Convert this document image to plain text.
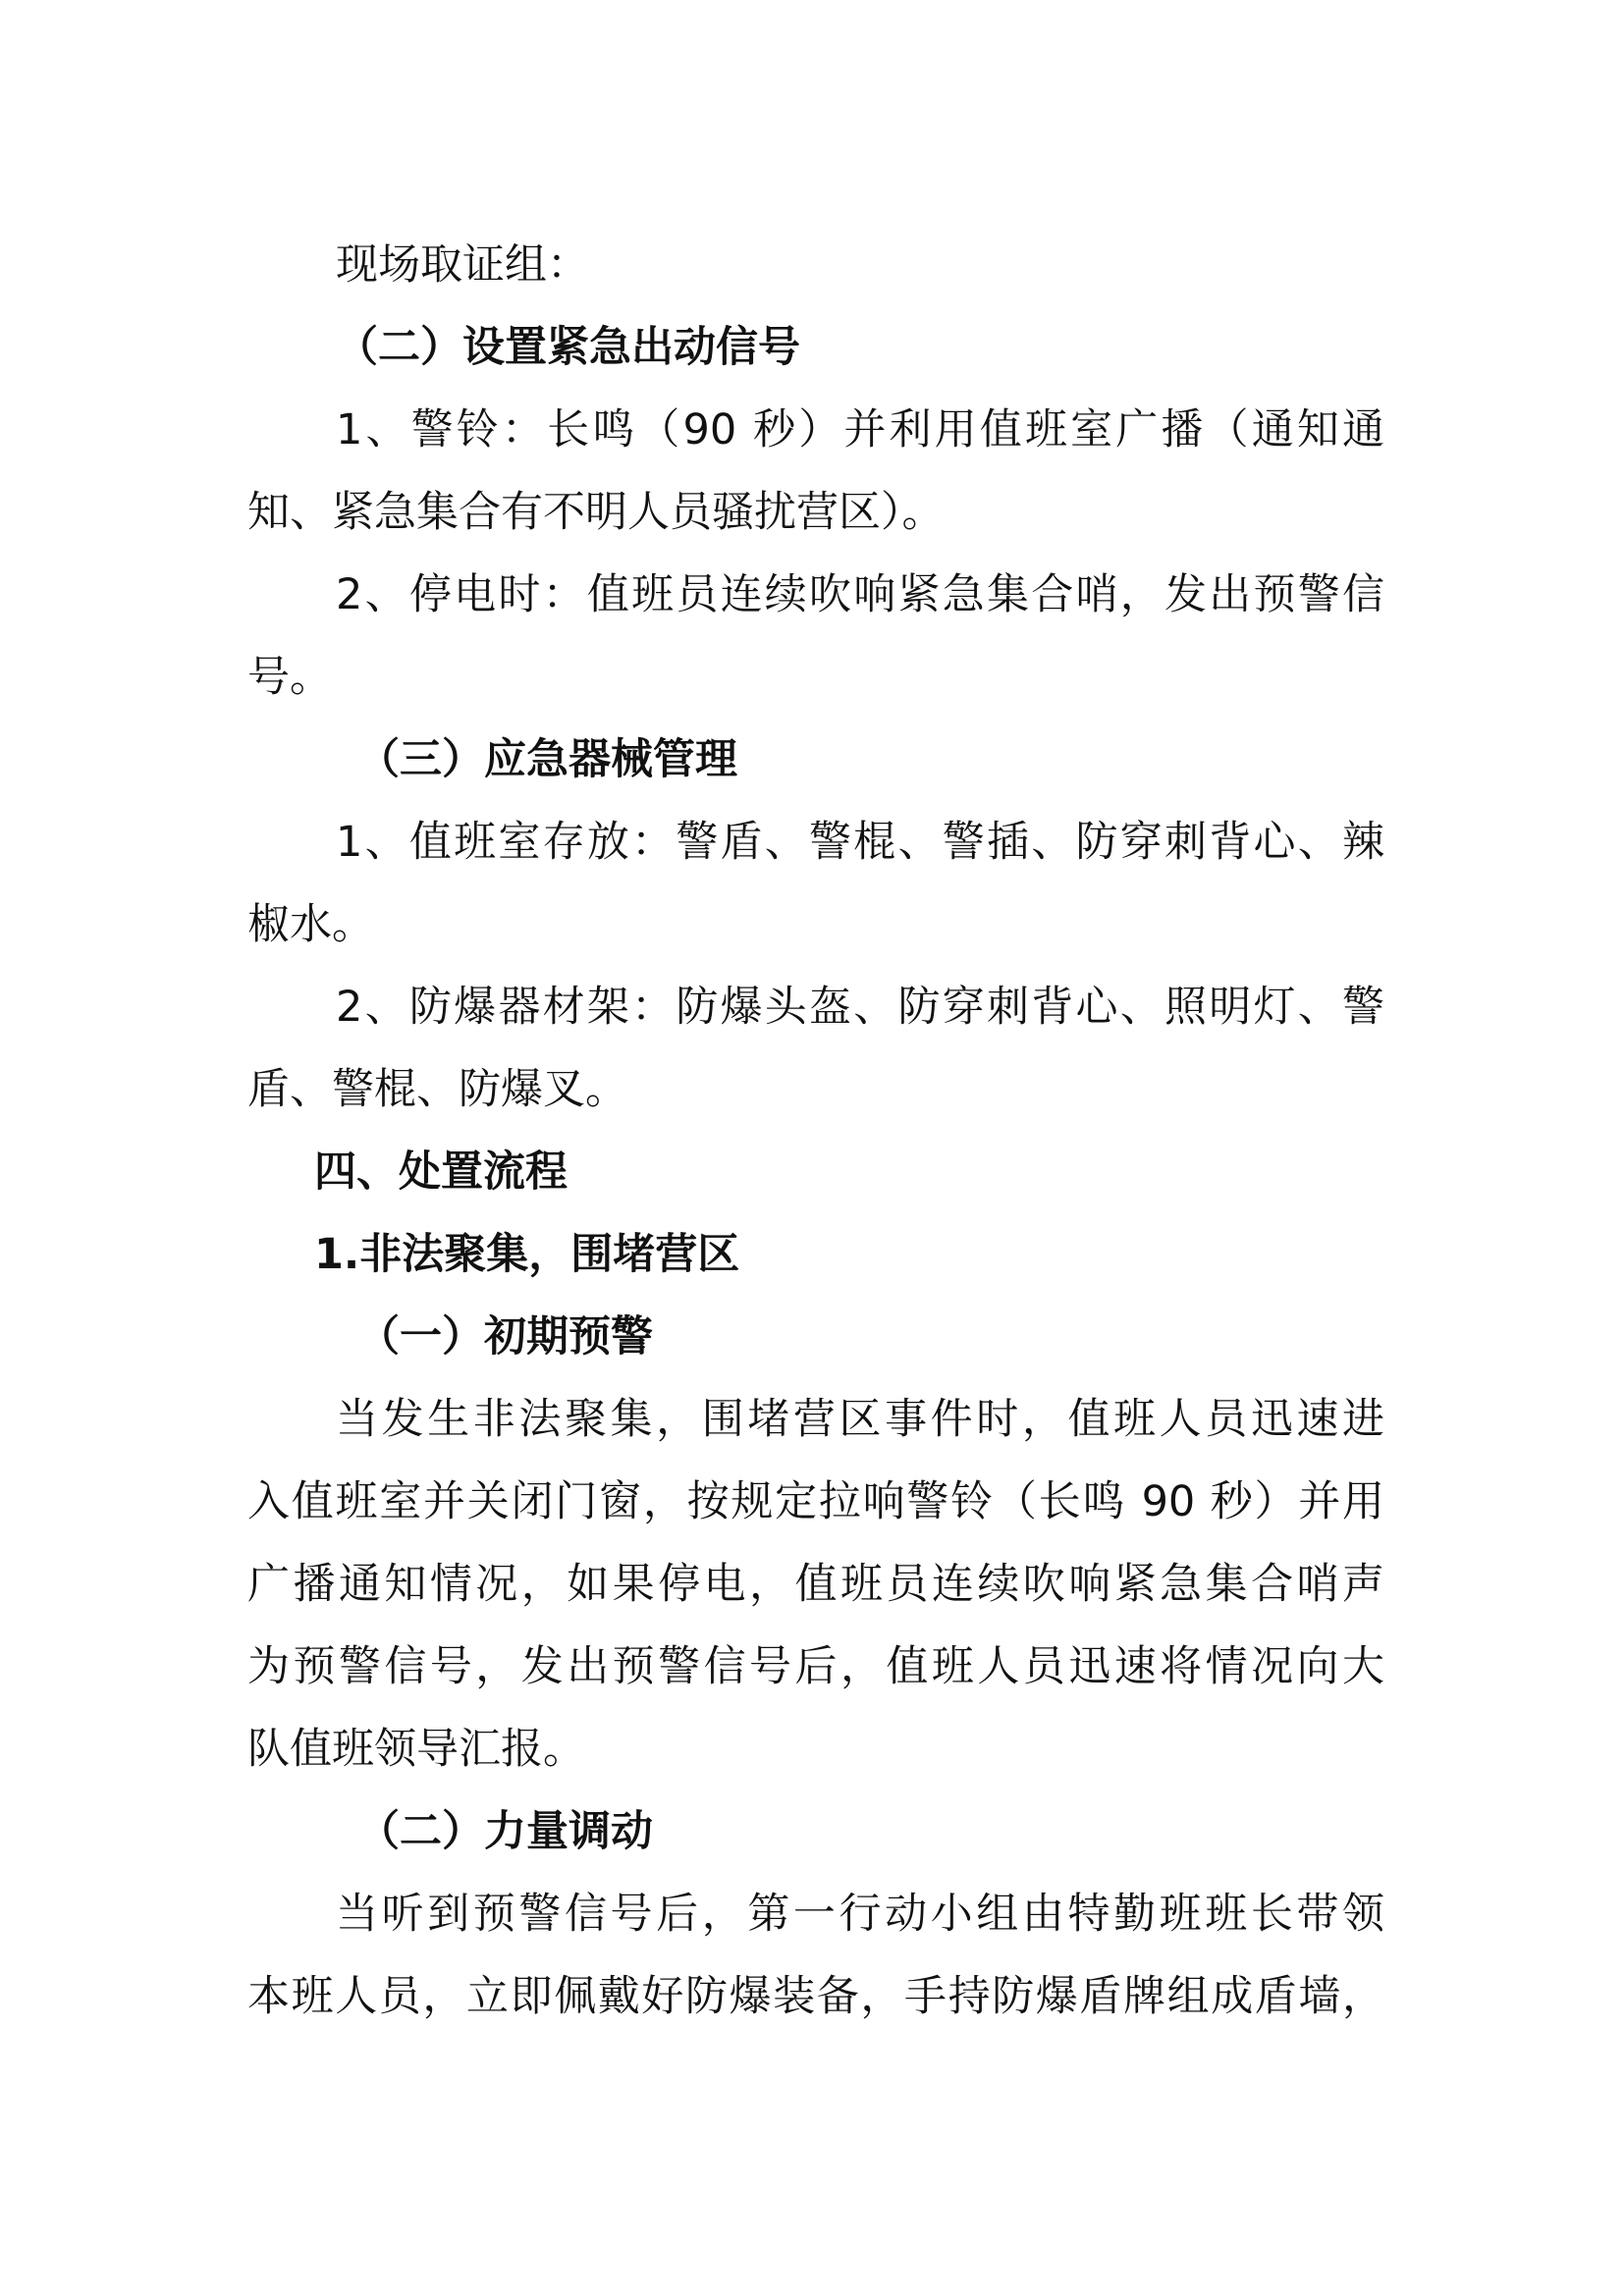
现场取证组：
（二）设置紧急出动信号
1、警铃：长鸣（90 秒）并利用值班室广播（通知通
知、紧急集合有不明人员骚扰营区）。
2、停电时：值班员连续吹响紧急集合哨，发出预警信
号。
（三）应急器械管理
1、值班室存放：警盾、警棍、警插、防穿刺背心、辣
椒水。
2、防爆器材架：防爆头盔、防穿刺背心、照明灯、警
盾、警棍、防爆叉。
四、处置流程
1.非法聚集，围堵营区
（一）初期预警
当发生非法聚集，围堵营区事件时，值班人员迅速进
入值班室并关闭门窗，按规定拉响警铃（长鸣 90 秒）并用
广播通知情况，如果停电，值班员连续吹响紧急集合哨声
为预警信号，发出预警信号后，值班人员迅速将情况向大
队值班领导汇报。
（二）力量调动
当听到预警信号后，第一行动小组由特勤班班长带领
本班人员，立即佩戴好防爆装备，手持防爆盾牌组成盾墙，
